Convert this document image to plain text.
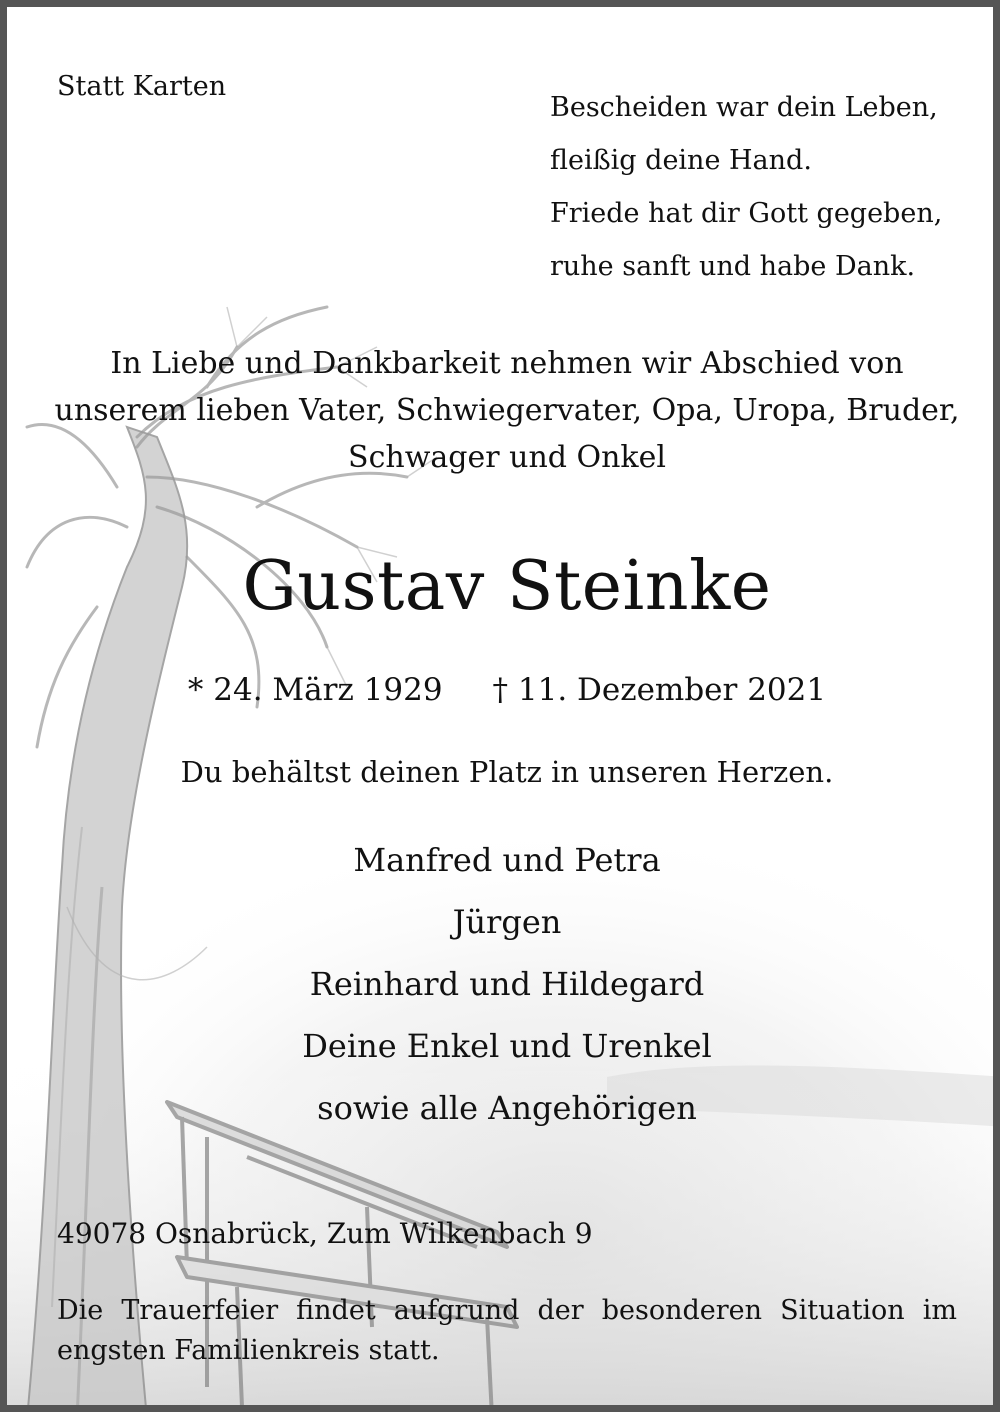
Statt Karten
Bescheiden war dein Leben,
fleißig deine Hand.
Friede hat dir Gott gegeben,
ruhe sanft und habe Dank.
In Liebe und Dankbarkeit nehmen wir Abschied von
unserem lieben Vater, Schwiegervater, Opa, Uropa, Bruder,
Schwager und Onkel
Gustav Steinke
* 24. März 1929 † 11. Dezember 2021
Du behältst deinen Platz in unseren Herzen.
Manfred und Petra
Jürgen
Reinhard und Hildegard
Deine Enkel und Urenkel
sowie alle Angehörigen
49078 Osnabrück, Zum Wilkenbach 9
Die Trauerfeier findet aufgrund der besonderen Situation im engsten Familienkreis statt.
